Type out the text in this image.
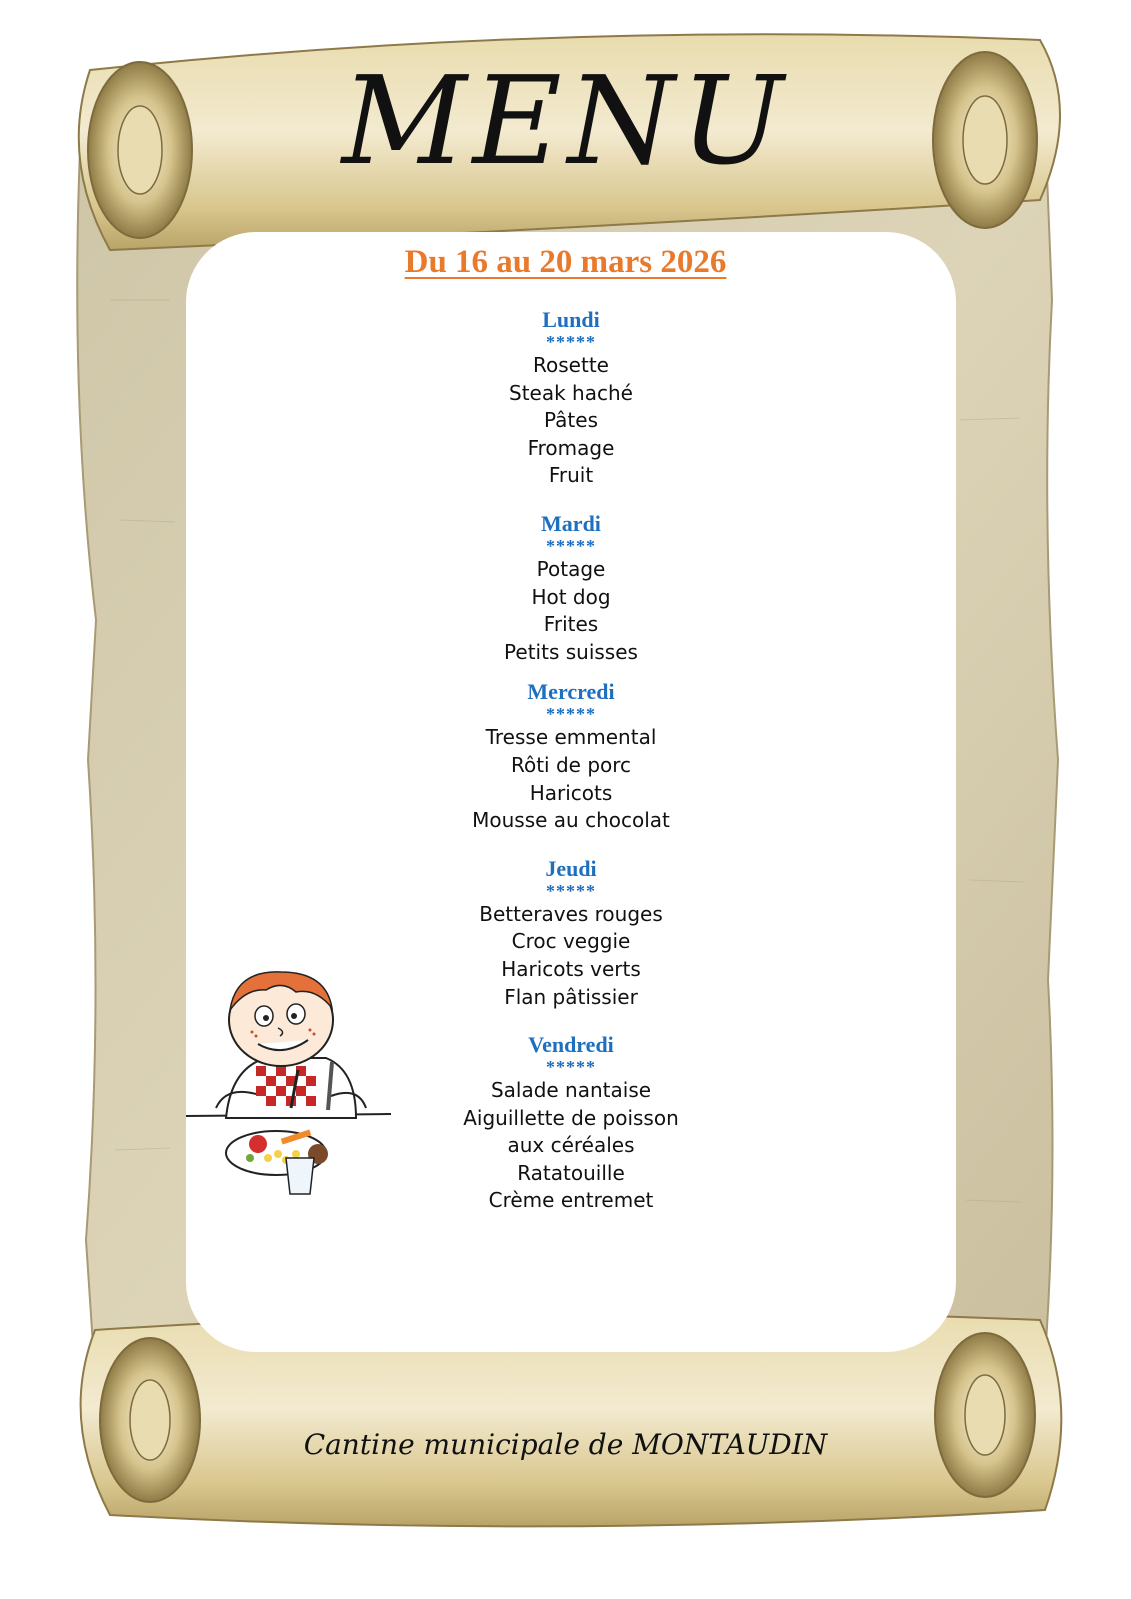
MENU
Du 16 au 20 mars 2026
Lundi
*****
Rosette
Steak haché
Pâtes
Fromage
Fruit
Mardi
*****
Potage
Hot dog
Frites
Petits suisses
Mercredi
*****
Tresse emmental
Rôti de porc
Haricots
Mousse au chocolat
Jeudi
*****
Betteraves rouges
Croc veggie
Haricots verts
Flan pâtissier
Vendredi
*****
Salade nantaise
Aiguillette de poisson
aux céréales
Ratatouille
Crème entremet
Cantine municipale de MONTAUDIN
